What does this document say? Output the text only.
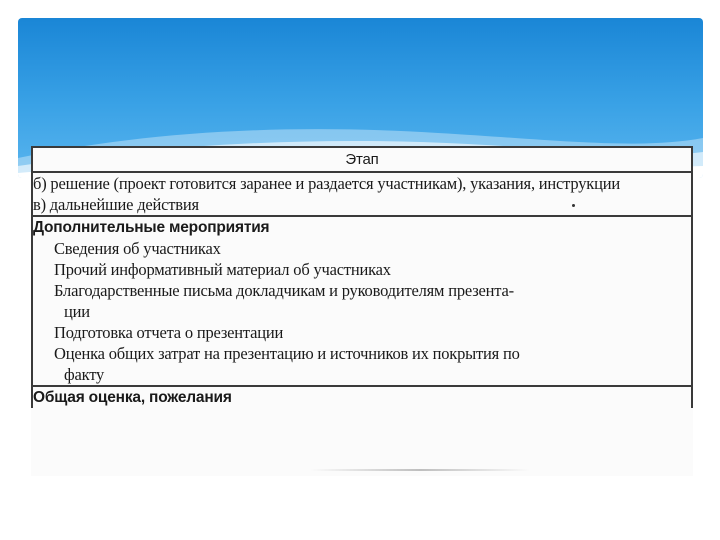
Этап

б) решение (проект готовится заранее и раздается участникам), указания, инструкции
в) дальнейшие действия

Дополнительные мероприятия
Сведения об участниках
Прочий информативный материал об участниках
Благодарственные письма докладчикам и руководителям презента-
ции
Подготовка отчета о презентации
Оценка общих затрат на презентацию и источников их покрытия по
факту

Общая оценка, пожелания
